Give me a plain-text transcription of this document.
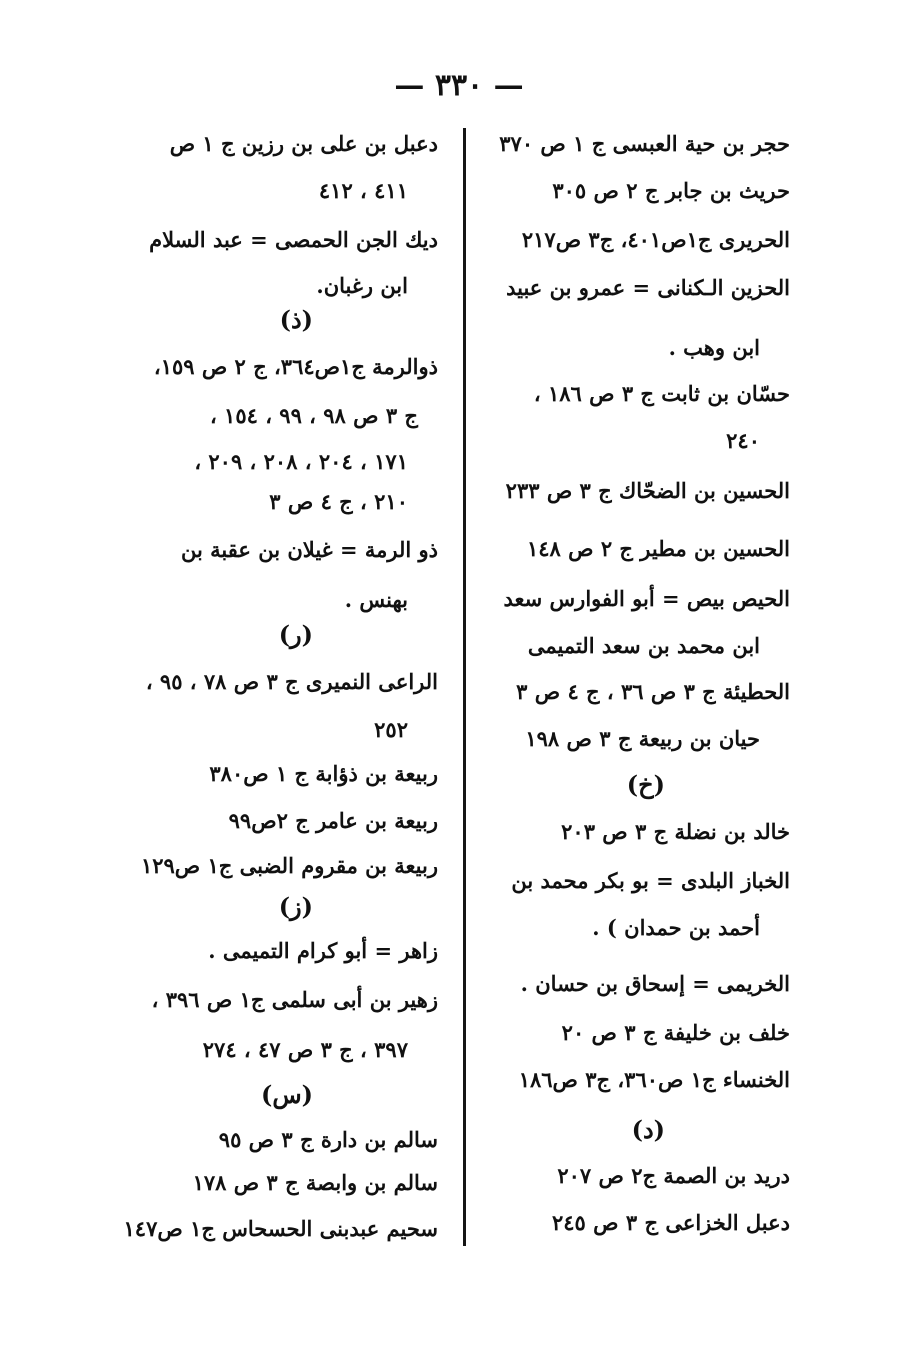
— ٣٣٠ —
حجر بن حية العبسى ج ١ ص ٣٧٠
حريث بن جابر ج ٢ ص ٣٠٥
الحريرى ج١ص٤٠١، ج٣ ص٢١٧
الحزين الـكنانى = عمرو بن عبيد
ابن وهب .
حسّان بن ثابت ج ٣ ص ١٨٦ ،
٢٤٠
الحسين بن الضحّاك ج ٣ ص ٢٣٣
الحسين بن مطير ج ٢ ص ١٤٨
الحيص بيص = أبو الفوارس سعد
ابن محمد بن سعد التميمى
الحطيئة ج ٣ ص ٣٦ ، ج ٤ ص ٣
حيان بن ربيعة ج ٣ ص ١٩٨
(خ)
خالد بن نضلة ج ٣ ص ٢٠٣
الخباز البلدى = بو بكر محمد بن
أحمد بن حمدان ) .
الخريمى = إسحاق بن حسان .
خلف بن خليفة ج ٣ ص ٢٠
الخنساء ج١ ص٣٦٠، ج٣ ص١٨٦
(د)
دريد بن الصمة ج٢ ص ٢٠٧
دعبل الخزاعى ج ٣ ص ٢٤٥
دعبل بن على بن رزين ج ١ ص
٤١١ ، ٤١٢
ديك الجن الحمصى = عبد السلام
ابن رغبان.
(ذ)
ذوالرمة ج١ص٣٦٤، ج ٢ ص ١٥٩،
ج ٣ ص ٩٨ ، ٩٩ ، ١٥٤ ،
١٧١ ، ٢٠٤ ، ٢٠٨ ، ٢٠٩ ،
٢١٠ ، ج ٤ ص ٣
ذو الرمة = غيلان بن عقبة بن
بهنس .
(ر)
الراعى النميرى ج ٣ ص ٧٨ ، ٩٥ ،
٢٥٢
ربيعة بن ذؤابة ج ١ ص٣٨٠
ربيعة بن عامر ج ٢ص٩٩
ربيعة بن مقروم الضبى ج١ ص١٢٩
(ز)
زاهر = أبو كرام التميمى .
زهير بن أبى سلمى ج١ ص ٣٩٦ ،
٣٩٧ ، ج ٣ ص ٤٧ ، ٢٧٤
(س)
سالم بن دارة ج ٣ ص ٩٥
سالم بن وابصة ج ٣ ص ١٧٨
سحيم عبدبنى الحسحاس ج١ ص١٤٧
